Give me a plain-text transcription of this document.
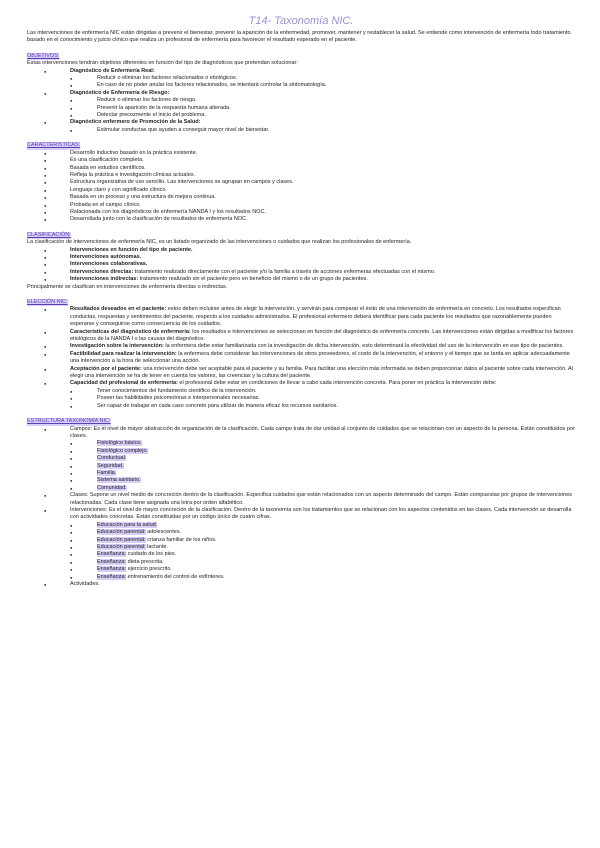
T14- Taxonomía NIC.

Las intervenciones de enfermería NIC están dirigidas a prevenir el bienestar, prevenir la aparición de la enfermedad, promover, mantener y restablecer la salud. Se entiende como intervención de enfermería todo tratamiento basado en el conocimiento y juicio clínico que realiza un profesional de enfermería para favorecer el resultado esperado en el paciente.

OBJETIVOS:

Estas intervenciones tendrán objetivos diferentes en función del tipo de diagnósticos que pretendan solucionar:

● Diagnóstico de Enfermería Real:
● Reducir o eliminar los factores relacionados o etiológicos.
● En caso de no poder anular los factores relacionados, se intentará controlar la sintomatología.
● Diagnóstico de Enfermería de Riesgo:
● Reducir o eliminar los factores de riesgo.
● Prevenir la aparición de la respuesta humana alterada.
● Detectar precozmente el inicio del problema.
● Diagnóstico enfermero de Promoción de la Salud:
● Estimular conductas que ayuden a conseguir mayor nivel de bienestar.
CARACTERÍSTICAS:
● Desarrollo inductivo basado en la práctica existente.
● Es una clasificación completa.
● Basada en estudios científicos.
● Refleja la práctica e investigación clínicas actuales.
● Estructura organizativa de uso sencillo. Las intervenciones se agrupan en campos y clases.
● Lenguaje claro y con significado clínico.
● Basada en un proceso y una estructura de mejora continua.
● Probada en el campo clínico.
● Relacionada con los diagnósticos de enfermería NANDA I y los resultados NOC.
● Desarrollada junto con la clasificación de resultados de enfermería NOC.
CLASIFICACIÓN:

La clasificación de intervenciones de enfermería NIC, es un listado organizado de las intervenciones o cuidados que realizan los profesionales de enfermería.

● Intervenciones en función del tipo de paciente.
● Intervenciones autónomas.
● Intervenciones colaborativas.
● Intervenciones directas: tratamiento realizado directamente con el paciente y/o la familia a través de acciones enfermeras efectuadas con el mismo.
● Intervenciones indirectas: tratamiento realizado sin el paciente pero en beneficio del mismo o de un grupo de pacientes.

Principalmente se clasifican en intervenciones de enfermería directas o indirectas.

ELECCIÓN NIC:
● Resultados deseados en el paciente: estos deben incluirse antes de elegir la intervención, y servirán para comparar el éxito de una intervención de enfermería en concreto. Los resultados especifican conductas, respuestas y sentimientos del paciente, respecto a los cuidados administrados. El profesional enfermero deberá identificar para cada paciente los resultados que razonablemente pueden esperarse y conseguirse como consecuencia de los cuidados.
● Características del diagnóstico de enfermería: los resultados e intervenciones se seleccionan en función del diagnóstico de enfermería concreto. Las intervenciones están dirigidas a modificar los factores etiológicos de la NANDA I o las causas del diagnóstico.
● Investigación sobre la intervención: la enfermera debe estar familiarizada con la investigación de dicha intervención, esto determinará la efectividad del uso de la intervención en ese tipo de pacientes.
● Factibilidad para realizar la intervención: la enfermera debe considerar las intervenciones de otros proveedores, el costo de la intervención, el entorno y el tiempo que se tarda en aplicar adecuadamente una intervención a la hora de seleccionar una acción.
● Aceptación por el paciente: una intervención debe ser aceptable para el paciente y su familia. Para facilitar una elección más informada se deben proporcionar datos al paciente sobre cada intervención. Al elegir una intervención se ha de tener en cuenta los valores, las creencias y la cultura del paciente.
● Capacidad del profesional de enfermería: el profesional debe estar en condiciones de llevar a cabo cada intervención concreta. Para poner en práctica la intervención debe:
● Tener conocimientos del fundamento científico de la intervención.
● Poseer las habilidades psicomotoras e interpersonales necesarias.
● Ser capaz de trabajar en cada caso concreto para utilizar de manera eficaz los recursos sanitarios.
ESTRUCTURA TAXONOMÍA NIC:
● Campos: Es el nivel de mayor abstracción de organización de la clasificación. Cada campo trata de dar unidad al conjunto de cuidados que se relacionan con un aspecto de la persona. Están constituidos por clases.
● Fisiológico básico.
● Fisiológico complejo.
● Conductual.
● Seguridad.
● Familia.
● Sistema sanitario.
● Comunidad.
● Clases: Supone un nivel medio de concreción dentro de la clasificación. Especifica cuidados que están relacionados con un aspecto determinado del campo. Están compuestas por grupos de intervenciones relacionadas. Cada clase tiene asignada una letra por orden alfabético.
● Intervenciones: Es el nivel de mayor concreción de la clasificación. Dentro de la taxonomía son los tratamientos que se relacionan con los aspectos contenidos en las clases. Cada intervención se desarrolla con actividades concretas. Están constituidas por un código único de cuatro cifras.
● Educación para la salud.
● Educación parental: adolescentes.
● Educación parental: crianza familiar de los niños.
● Educación parental: lactante.
● Enseñanza: cuidado de los pies.
● Enseñanza: dieta prescrita.
● Enseñanza: ejercicio prescrito.
● Enseñanza: entrenamiento del control de esfínteres.
● Actividades.
